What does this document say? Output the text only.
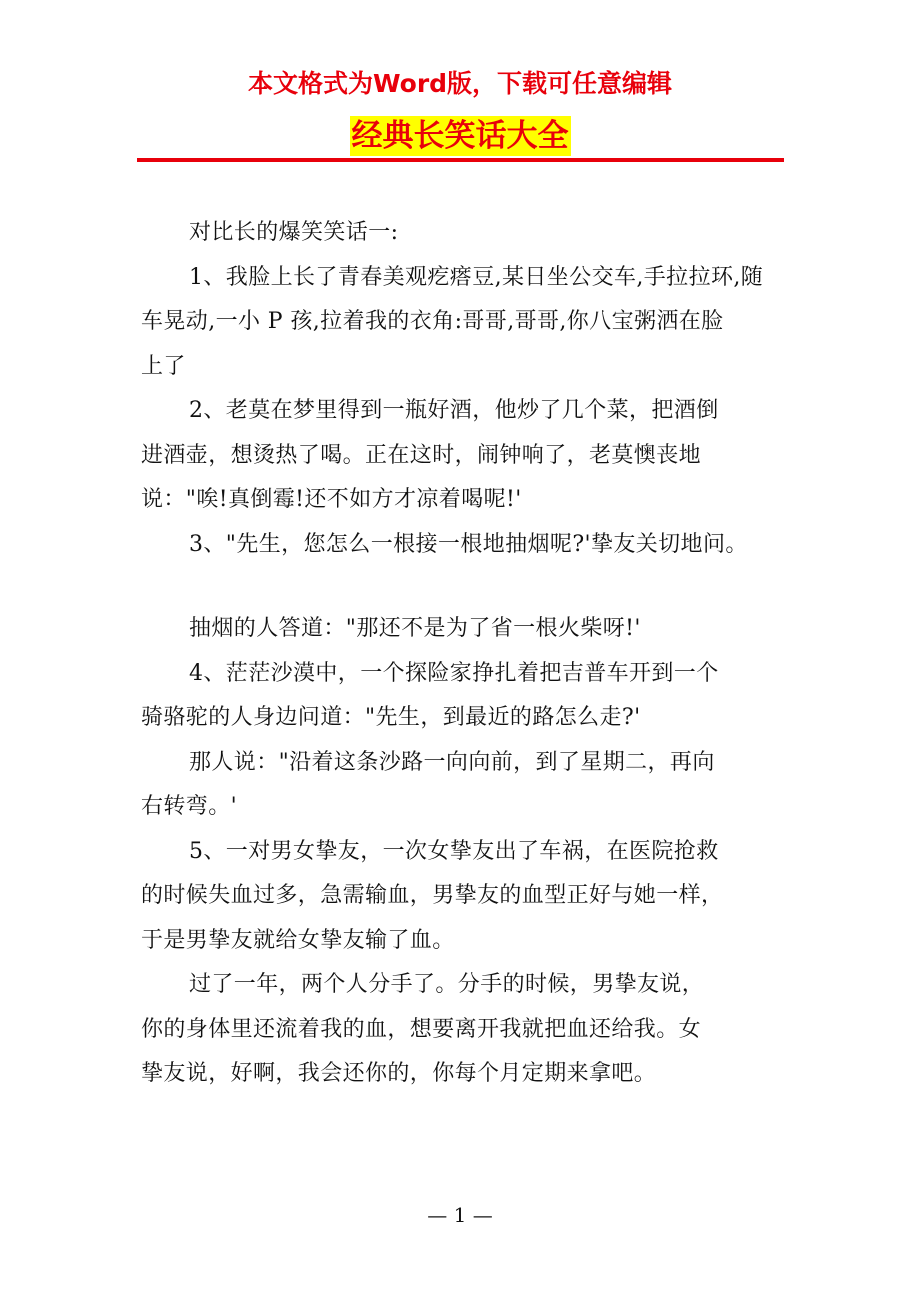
本文格式为Word版，下载可任意编辑
经典长笑话大全

对比长的爆笑笑话一:

1、我脸上长了青春美观疙瘩豆,某日坐公交车,手拉拉环,随
车晃动,一小 P 孩,拉着我的衣角:哥哥,哥哥,你八宝粥洒在脸
上了

2、老莫在梦里得到一瓶好酒，他炒了几个菜，把酒倒
进酒壶，想烫热了喝。正在这时，闹钟响了，老莫懊丧地
说："唉!真倒霉!还不如方才凉着喝呢!'

3、"先生，您怎么一根接一根地抽烟呢?'挚友关切地问。

抽烟的人答道："那还不是为了省一根火柴呀!'

4、茫茫沙漠中，一个探险家挣扎着把吉普车开到一个
骑骆驼的人身边问道："先生，到最近的路怎么走?'

那人说："沿着这条沙路一向向前，到了星期二，再向
右转弯。'

5、一对男女挚友，一次女挚友出了车祸，在医院抢救
的时候失血过多，急需输血，男挚友的血型正好与她一样，
于是男挚友就给女挚友输了血。

过了一年，两个人分手了。分手的时候，男挚友说，
你的身体里还流着我的血，想要离开我就把血还给我。女
挚友说，好啊，我会还你的，你每个月定期来拿吧。

— 1 —
